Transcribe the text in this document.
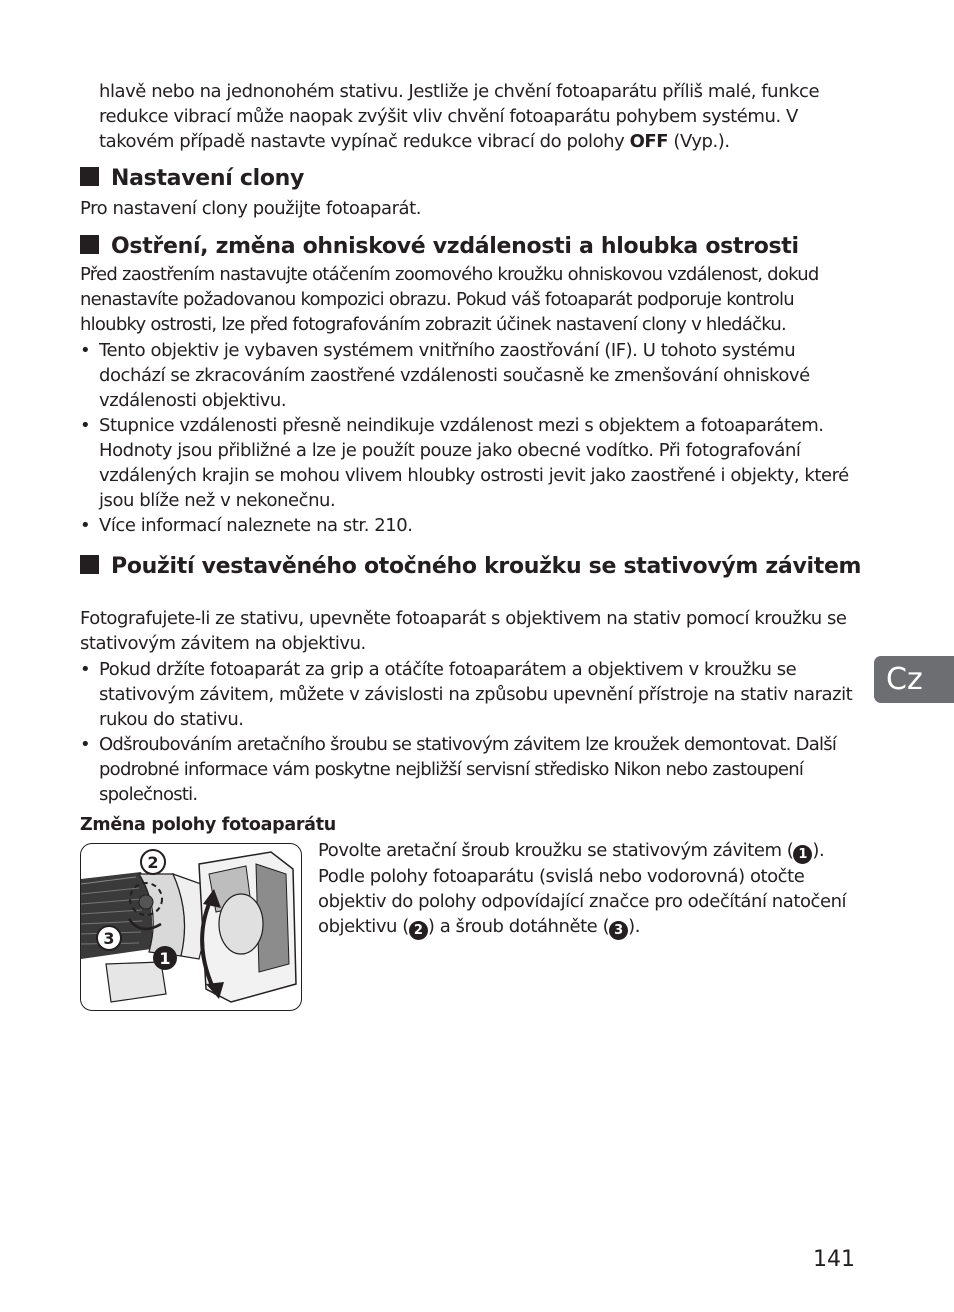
hlavě nebo na jednonohém stativu. Jestliže je chvění fotoaparátu příliš malé, funkce redukce vibrací může naopak zvýšit vliv chvění fotoaparátu pohybem systému. V takovém případě nastavte vypínač redukce vibrací do polohy OFF (Vyp.).

Nastavení clony

Pro nastavení clony použijte fotoaparát.

Ostření, změna ohniskové vzdálenosti a hloubka ostrosti

Před zaostřením nastavujte otáčením zoomového kroužku ohniskovou vzdálenost, dokud nenastavíte požadovanou kompozici obrazu. Pokud váš fotoaparát podporuje kontrolu hloubky ostrosti, lze před fotografováním zobrazit účinek nastavení clony v hledáčku.

• Tento objektiv je vybaven systémem vnitřního zaostřování (IF). U tohoto systému dochází se zkracováním zaostřené vzdálenosti současně ke zmenšování ohniskové vzdálenosti objektivu.
• Stupnice vzdálenosti přesně neindikuje vzdálenost mezi s objektem a fotoaparátem. Hodnoty jsou přibližné a lze je použít pouze jako obecné vodítko. Při fotografování vzdálených krajin se mohou vlivem hloubky ostrosti jevit jako zaostřené i objekty, které jsou blíže než v nekonečnu.
• Více informací naleznete na str. 210.
Použití vestavěného otočného kroužku se stativovým závitem

Fotografujete-li ze stativu, upevněte fotoaparát s objektivem na stativ pomocí kroužku se stativovým závitem na objektivu.

• Pokud držíte fotoaparát za grip a otáčíte fotoaparátem a objektivem v kroužku se stativovým závitem, můžete v závislosti na způsobu upevnění přístroje na stativ narazit rukou do stativu.
• Odšroubováním aretačního šroubu se stativovým závitem lze kroužek demontovat. Další podrobné informace vám poskytne nejbližší servisní středisko Nikon nebo zastoupení společnosti.
Změna polohy fotoaparátu
2
3
1

Povolte aretační šroub kroužku se stativovým závitem ( 1 ). Podle polohy fotoaparátu (svislá nebo vodorovná) otočte objektiv do polohy odpovídající značce pro odečítání natočení objektivu ( 2 ) a šroub dotáhněte ( 3 ).

Cz
141
